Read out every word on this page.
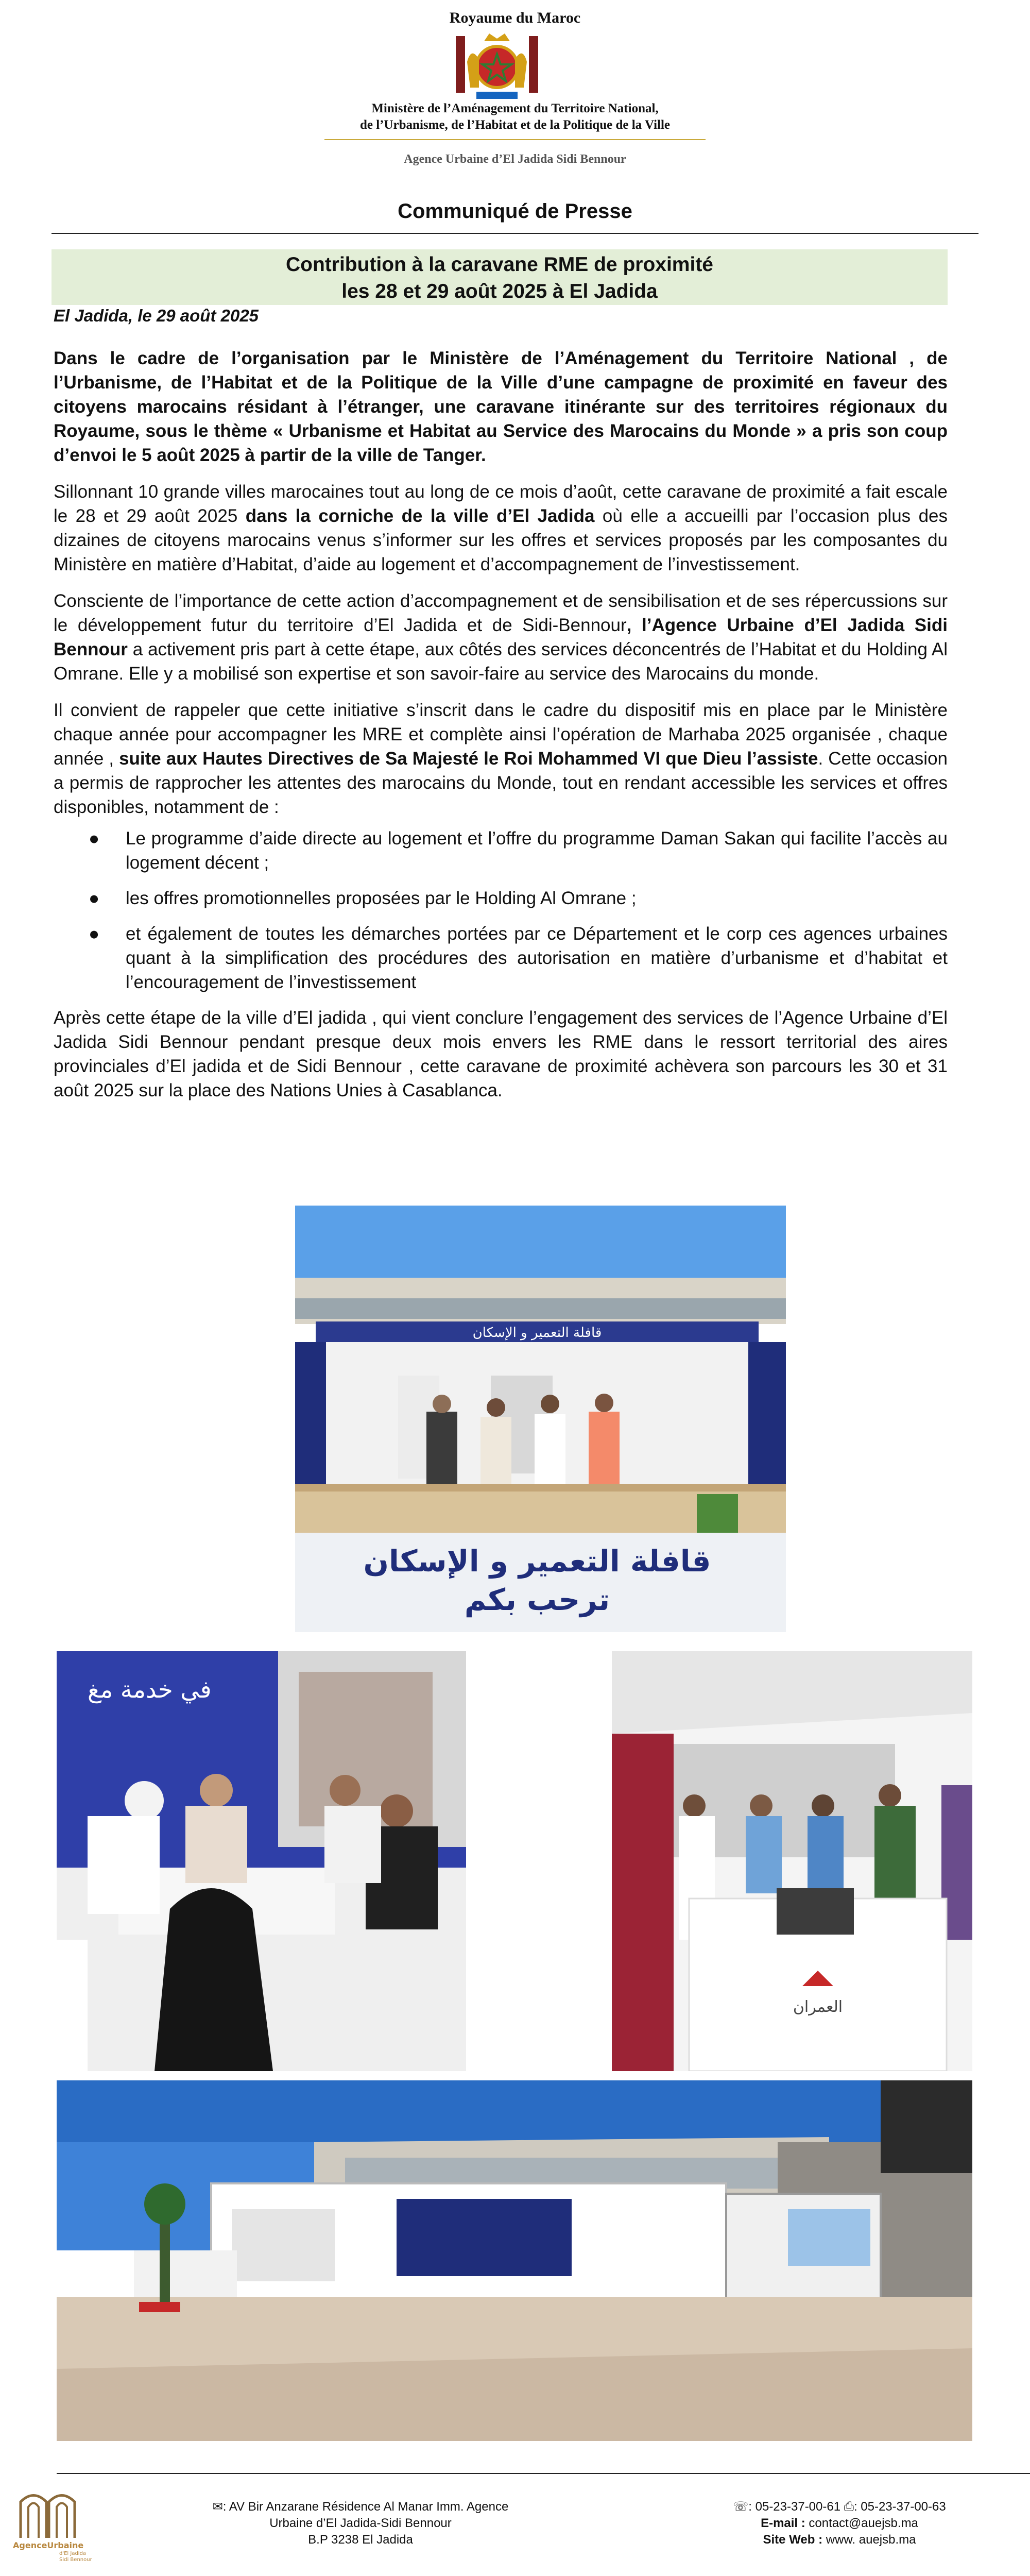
Royaume du Maroc
Ministère de l’Aménagement du Territoire National,
de l’Urbanisme, de l’Habitat et de la Politique de la Ville
Agence Urbaine d’El Jadida Sidi Bennour
Communiqué de Presse
Contribution à la caravane RME de proximité
les 28 et 29 août 2025 à El Jadida
El Jadida, le 29 août 2025

Dans le cadre de l’organisation par le Ministère de l’Aménagement du Territoire National , de l’Urbanisme, de l’Habitat et de la Politique de la Ville d’une campagne de proximité en faveur des citoyens marocains résidant à l’étranger, une caravane itinérante sur des territoires régionaux du Royaume, sous le thème « Urbanisme et Habitat au Service des Marocains du Monde » a pris son coup d’envoi le 5 août 2025 à partir de la ville de Tanger.

Sillonnant 10 grande villes marocaines tout au long de ce mois d’août, cette caravane de proximité a fait escale le 28 et 29 août 2025 dans la corniche de la ville d’El Jadida où elle a accueilli par l’occasion plus des dizaines de citoyens marocains venus s’informer sur les offres et services proposés par les composantes du Ministère en matière d’Habitat, d’aide au logement et d’accompagnement de l’investissement.

Consciente de l’importance de cette action d’accompagnement et de sensibilisation et de ses répercussions sur le développement futur du territoire d’El Jadida et de Sidi-Bennour, l’Agence Urbaine d’El Jadida Sidi Bennour a activement pris part à cette étape, aux côtés des services déconcentrés de l’Habitat et du Holding Al Omrane. Elle y a mobilisé son expertise et son savoir-faire au service des Marocains du monde.

Il convient de rappeler que cette initiative s’inscrit dans le cadre du dispositif mis en place par le Ministère chaque année pour accompagner les MRE et complète ainsi l’opération de Marhaba 2025 organisée , chaque année , suite aux Hautes Directives de Sa Majesté le Roi Mohammed VI que Dieu l’assiste. Cette occasion a permis de rapprocher les attentes des marocains du Monde, tout en rendant accessible les services et offres disponibles, notamment de :

● Le programme d’aide directe au logement et l’offre du programme Daman Sakan qui facilite l’accès au logement décent ;
● les offres promotionnelles proposées par le Holding Al Omrane ;
● et également de toutes les démarches portées par ce Département et le corp ces agences urbaines quant à la simplification des procédures des autorisation en matière d’urbanisme et d’habitat et l’encouragement de l’investissement

Après cette étape de la ville d’El jadida , qui vient conclure l’engagement des services de l’Agence Urbaine d’El Jadida Sidi Bennour pendant presque deux mois envers les RME dans le ressort territorial des aires provinciales d’El jadida et de Sidi Bennour , cette caravane de proximité achèvera son parcours les 30 et 31 août 2025 sur la place des Nations Unies à Casablanca.

قافلة التعمير و الإسكان
قافلة التعمير و الإسكان
ترحب بكم
في خدمة مغ
العمران
AgenceUrbaine
d'El Jadida
Sidi Bennour
✉: AV Bir Anzarane Résidence Al Manar Imm. Agence
Urbaine d’El Jadida-Sidi Bennour
B.P 3238 El Jadida
☏: 05-23-37-00-61 ⎙: 05-23-37-00-63
E-mail : contact@auejsb.ma
Site Web : www. auejsb.ma
